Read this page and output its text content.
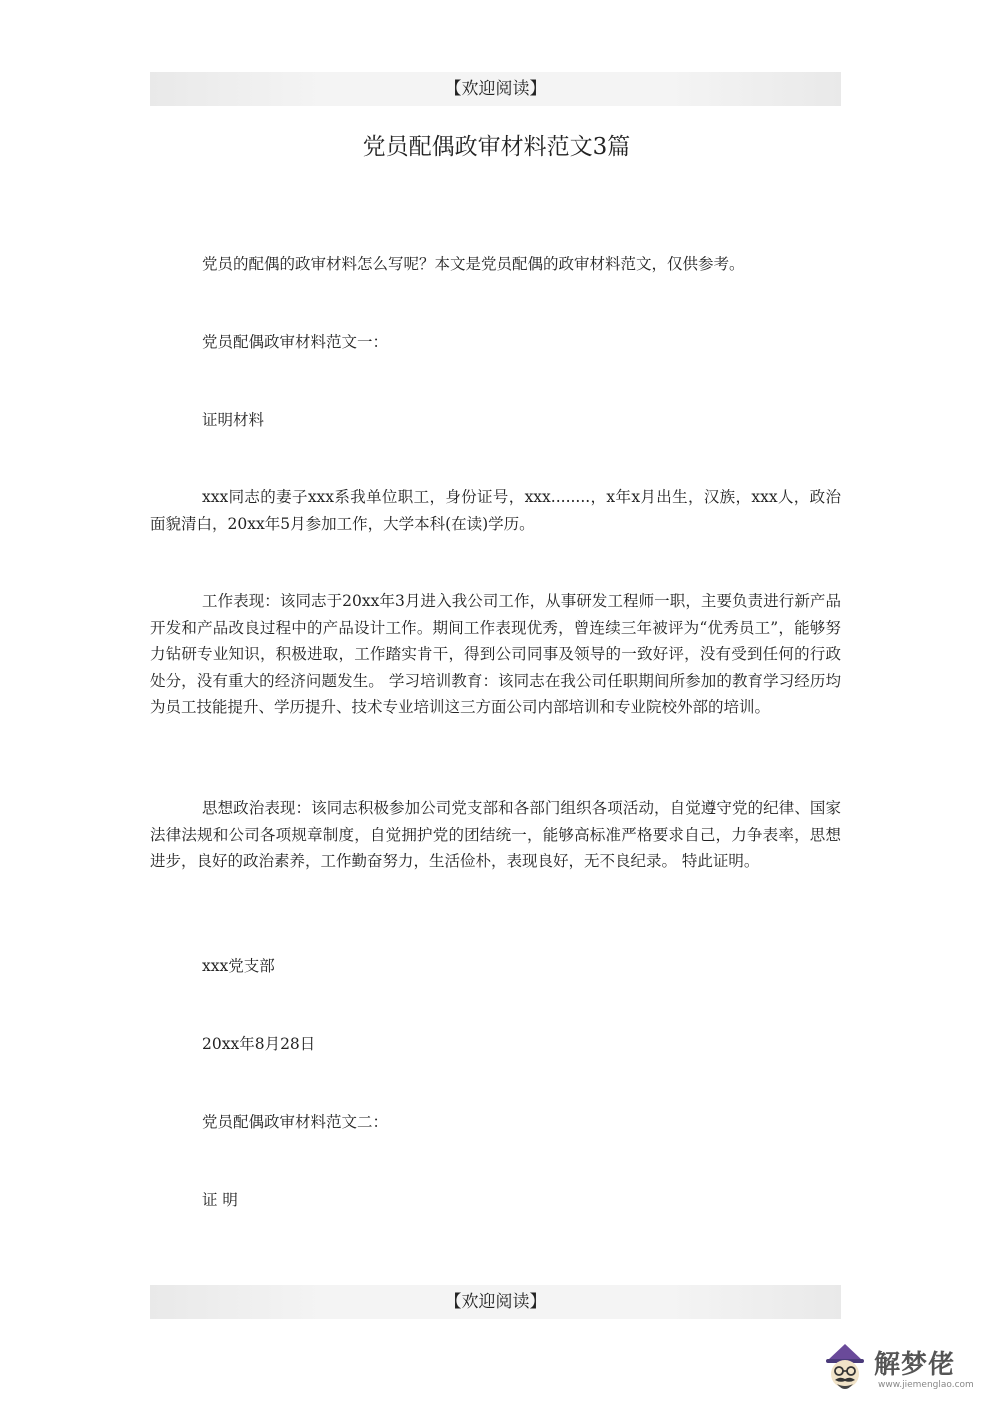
【欢迎阅读】
党员配偶政审材料范文3篇
党员的配偶的政审材料怎么写呢？本文是党员配偶的政审材料范文，仅供参考。
党员配偶政审材料范文一：
证明材料
xxx同志的妻子xxx系我单位职工，身份证号，xxx........，x年x月出生，汉族，xxx人，政治面貌清白，20xx年5月参加工作，大学本科(在读)学历。
工作表现：该同志于20xx年3月进入我公司工作，从事研发工程师一职，主要负责进行新产品开发和产品改良过程中的产品设计工作。期间工作表现优秀，曾连续三年被评为“优秀员工”，能够努力钻研专业知识，积极进取，工作踏实肯干，得到公司同事及领导的一致好评，没有受到任何的行政处分，没有重大的经济问题发生。 学习培训教育：该同志在我公司任职期间所参加的教育学习经历均为员工技能提升、学历提升、技术专业培训这三方面公司内部培训和专业院校外部的培训。
思想政治表现：该同志积极参加公司党支部和各部门组织各项活动，自觉遵守党的纪律、国家法律法规和公司各项规章制度，自觉拥护党的团结统一，能够高标准严格要求自己，力争表率，思想进步，良好的政治素养，工作勤奋努力，生活俭朴，表现良好，无不良纪录。 特此证明。
xxx党支部
20xx年8月28日
党员配偶政审材料范文二：
证 明
【欢迎阅读】
解梦佬
www.jiemenglao.com
